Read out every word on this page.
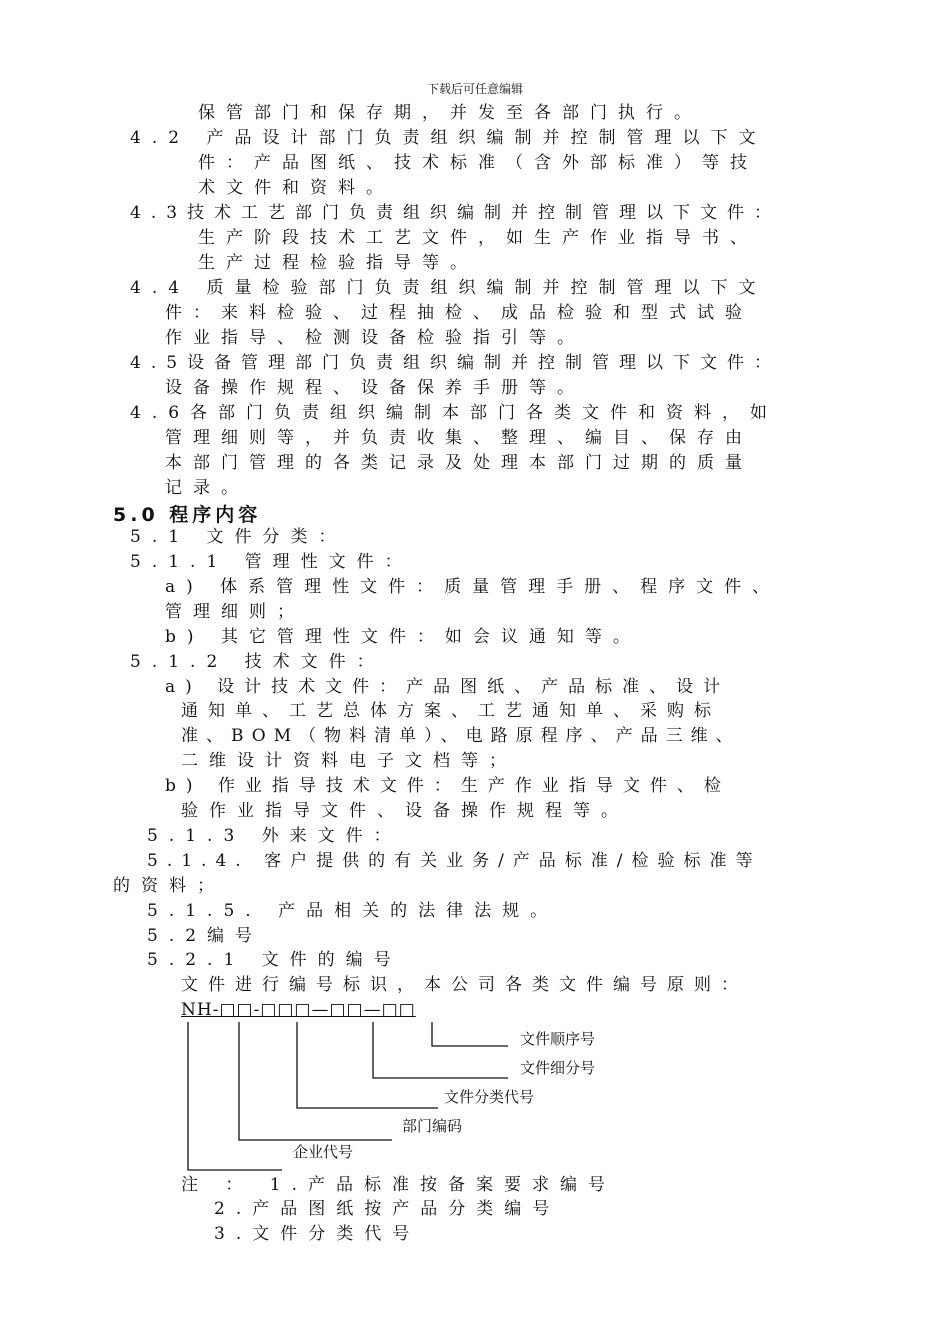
下载后可任意编辑
保管部门和保存期，并发至各部门执行。
4.2 产品设计部门负责组织编制并控制管理以下文
件：产品图纸、技术标准（含外部标准）等技
术文件和资料。
4.3技术工艺部门负责组织编制并控制管理以下文件：
生产阶段技术工艺文件，如生产作业指导书、
生产过程检验指导等。
4.4 质量检验部门负责组织编制并控制管理以下文
件：来料检验、过程抽检、成品检验和型式试验
作业指导、检测设备检验指引等。
4.5设备管理部门负责组织编制并控制管理以下文件：
设备操作规程、设备保养手册等。
4.6各部门负责组织编制本部门各类文件和资料，如
管理细则等，并负责收集、整理、编目、保存由
本部门管理的各类记录及处理本部门过期的质量
记录。
5.0 程序内容
5.1 文件分类：
5.1.1 管理性文件：
a) 体系管理性文件：质量管理手册、程序文件、
管理细则；
b) 其它管理性文件：如会议通知等。
5.1.2 技术文件：
a) 设计技术文件：产品图纸、产品标准、设计
通知单、工艺总体方案、工艺通知单、采购标
准、BOM（物料清单）、电路原程序、产品三维、
二维设计资料电子文档等；
b) 作业指导技术文件：生产作业指导文件、检
验作业指导文件、设备操作规程等。
5.1.3 外来文件：
5.1.4. 客户提供的有关业务/产品标准/检验标准等
的资料；
5.1.5. 产品相关的法律法规。
5.2编号
5.2.1 文件的编号
文件进行编号标识，本公司各类文件编号原则：
NH-□□-□□□—□□—□□
文件顺序号
文件细分号
文件分类代号
部门编码
企业代号
注 ： 1.产品标准按备案要求编号
2.产品图纸按产品分类编号
3.文件分类代号
